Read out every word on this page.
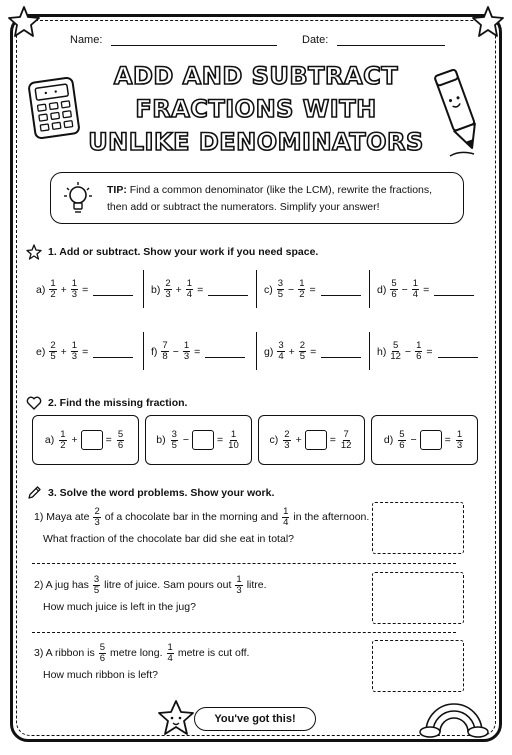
Name:	Date:
ADD AND SUBTRACT
FRACTIONS WITH
UNLIKE DENOMINATORS
TIP: Find a common denominator (like the LCM), rewrite the fractions,
then add or subtract the numerators. Simplify your answer!
1. Add or subtract. Show your work if you need space.
$a) \frac{1}{2} + \frac{1}{3}$ =	$b) \frac{2}{3} + \frac{1}{4}$ =	$c) \frac{3}{5} - \frac{1}{2}$ =	$d) \frac{5}{6} - \frac{1}{4}$ =
$e) \frac{2}{5} + \frac{1}{3}$ =	$f) \frac{7}{8} - \frac{1}{3}$ =	$g) \frac{3}{4} + \frac{2}{5}$ =	$h) \frac{5}{12} - \frac{1}{6}$ =
2. Find the missing fraction.
$a) \frac{1}{2}$ +	= $\frac{5}{6}$	$b) \frac{3}{5}$ −	= $\frac{1}{10}$	$c) \frac{2}{3}$ +	= $\frac{7}{12}$	$d) \frac{5}{6}$ −	= $\frac{1}{3}$
3. Solve the word problems. Show your work.
1) Maya ate $\frac{2}{3}$ of a chocolate bar in the morning and $\frac{1}{4}$ in the afternoon.
What fraction of the chocolate bar did she eat in total?
2) A jug has $\frac{3}{5}$ litre of juice. Sam pours out $\frac{1}{3}$ litre.
How much juice is left in the jug?
3) A ribbon is $\frac{5}{6}$ metre long. $\frac{1}{4}$ metre is cut off.
How much ribbon is left?
You've got this!
